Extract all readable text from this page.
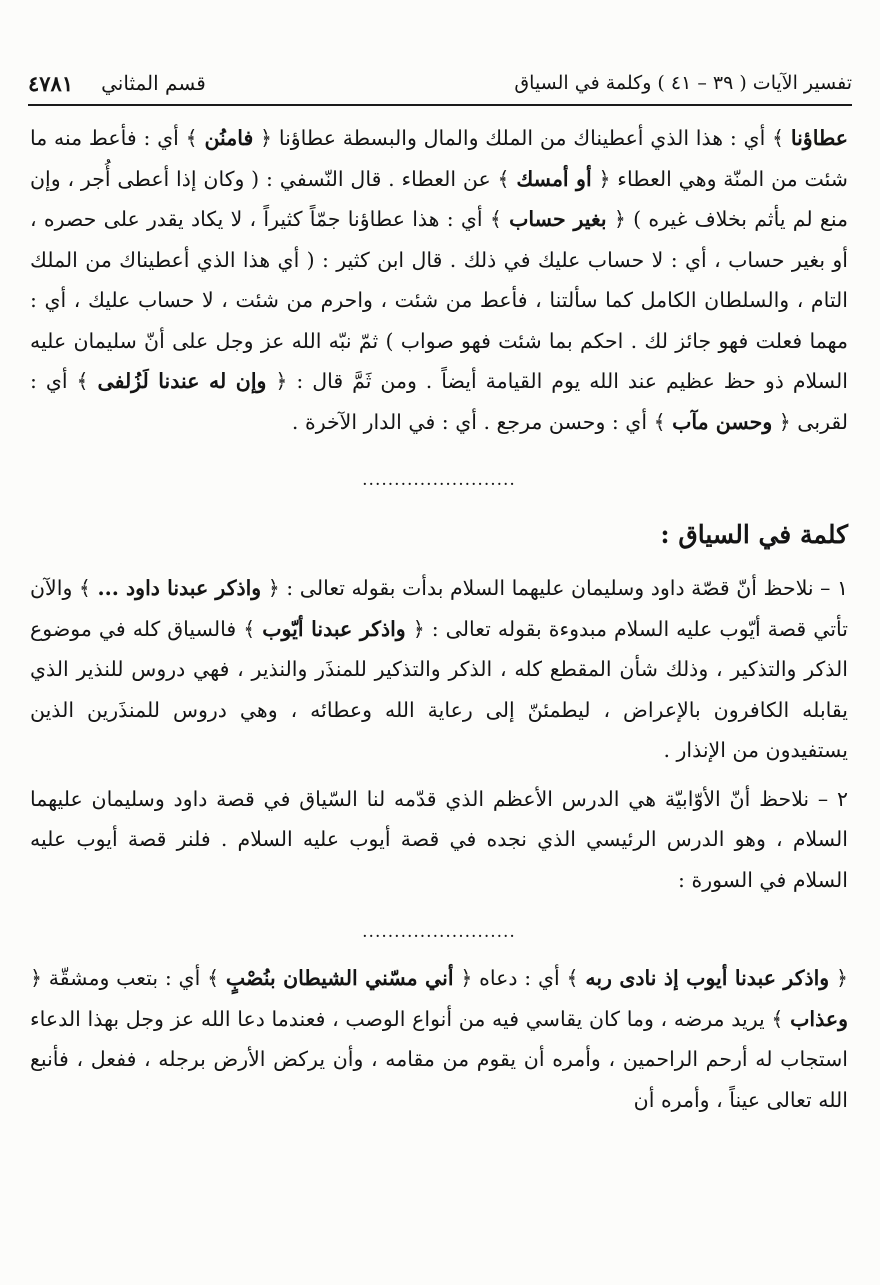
تفسير الآيات ( ٣٩ – ٤١ ) وكلمة في السياق
قسم المثاني
٤٧٨١

عطاؤنا ﴾ أي : هذا الذي أعطيناك من الملك والمال والبسطة عطاؤنا ﴿ فامنُن ﴾ أي : فأعط منه ما شئت من المنّة وهي العطاء ﴿ أو أمسك ﴾ عن العطاء . قال النّسفي : ( وكان إذا أعطى أُجر ، وإن منع لم يأثم بخلاف غيره ) ﴿ بغير حساب ﴾ أي : هذا عطاؤنا جمّاً كثيراً ، لا يكاد يقدر على حصره ، أو بغير حساب ، أي : لا حساب عليك في ذلك . قال ابن كثير : ( أي هذا الذي أعطيناك من الملك التام ، والسلطان الكامل كما سألتنا ، فأعط من شئت ، واحرم من شئت ، لا حساب عليك ، أي : مهما فعلت فهو جائز لك . احكم بما شئت فهو صواب ) ثمّ نبّه الله عز وجل على أنّ سليمان عليه السلام ذو حظ عظيم عند الله يوم القيامة أيضاً . ومن ثَمَّ قال : ﴿ وإن له عندنا لَزُلفى ﴾ أي : لقربى ﴿ وحسن مآب ﴾ أي : وحسن مرجع . أي : في الدار الآخرة .

........................
كلمة في السياق :

١ – نلاحظ أنّ قصّة داود وسليمان عليهما السلام بدأت بقوله تعالى : ﴿ واذكر عبدنا داود ... ﴾ والآن تأتي قصة أيّوب عليه السلام مبدوءة بقوله تعالى : ﴿ واذكر عبدنا أيّوب ﴾ فالسياق كله في موضوع الذكر والتذكير ، وذلك شأن المقطع كله ، الذكر والتذكير للمنذَر والنذير ، فهي دروس للنذير الذي يقابله الكافرون بالإعراض ، ليطمئنّ إلى رعاية الله وعطائه ، وهي دروس للمنذَرين الذين يستفيدون من الإنذار .

٢ – نلاحظ أنّ الأوّابيّة هي الدرس الأعظم الذي قدّمه لنا السّياق في قصة داود وسليمان عليهما السلام ، وهو الدرس الرئيسي الذي نجده في قصة أيوب عليه السلام . فلنر قصة أيوب عليه السلام في السورة :

........................

﴿ واذكر عبدنا أيوب إذ نادى ربه ﴾ أي : دعاه ﴿ أني مسّني الشيطان بنُصْبٍ ﴾ أي : بتعب ومشقّة ﴿ وعذاب ﴾ يريد مرضه ، وما كان يقاسي فيه من أنواع الوصب ، فعندما دعا الله عز وجل بهذا الدعاء استجاب له أرحم الراحمين ، وأمره أن يقوم من مقامه ، وأن يركض الأرض برجله ، ففعل ، فأنبع الله تعالى عيناً ، وأمره أن
